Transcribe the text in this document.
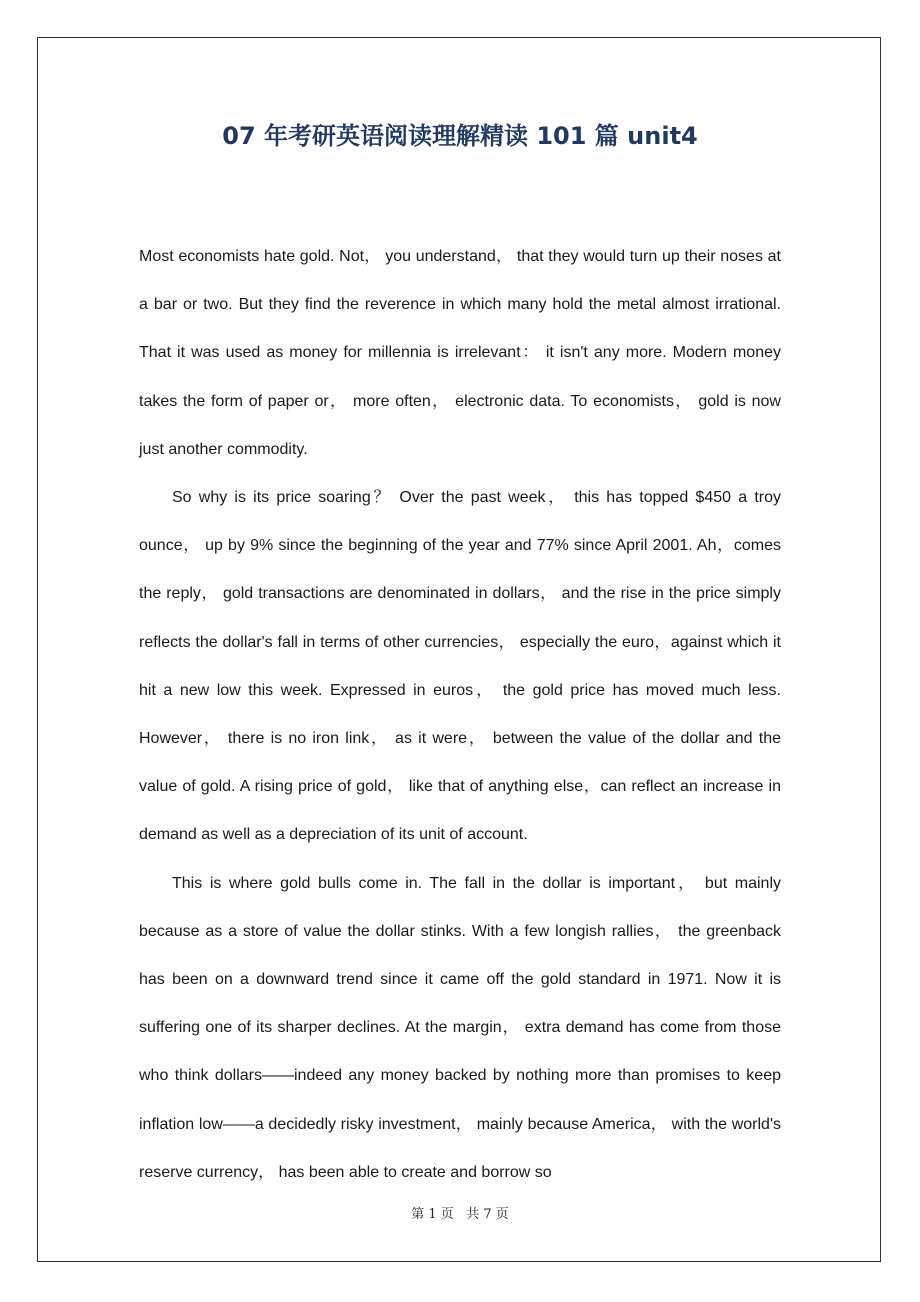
07 年考研英语阅读理解精读 101 篇 unit4

Most economists hate gold. Not， you understand， that they would turn up their noses at a bar or two. But they find the reverence in which many hold the metal almost irrational. That it was used as money for millennia is irrelevant： it isn't any more. Modern money takes the form of paper or， more often， electronic data. To economists， gold is now just another commodity.

So why is its price soaring？ Over the past week， this has topped $450 a troy ounce， up by 9% since the beginning of the year and 77% since April 2001. Ah，comes the reply， gold transactions are denominated in dollars， and the rise in the price simply reflects the dollar's fall in terms of other currencies， especially the euro，against which it hit a new low this week. Expressed in euros， the gold price has moved much less. However， there is no iron link， as it were， between the value of the dollar and the value of gold. A rising price of gold， like that of anything else，can reflect an increase in demand as well as a depreciation of its unit of account.

This is where gold bulls come in. The fall in the dollar is important， but mainly because as a store of value the dollar stinks. With a few longish rallies， the greenback has been on a downward trend since it came off the gold standard in 1971. Now it is suffering one of its sharper declines. At the margin， extra demand has come from those who think dollars——indeed any money backed by nothing more than promises to keep inflation low——a decidedly risky investment， mainly because America， with the world's reserve currency， has been able to create and borrow so

第 1 页 共 7 页
